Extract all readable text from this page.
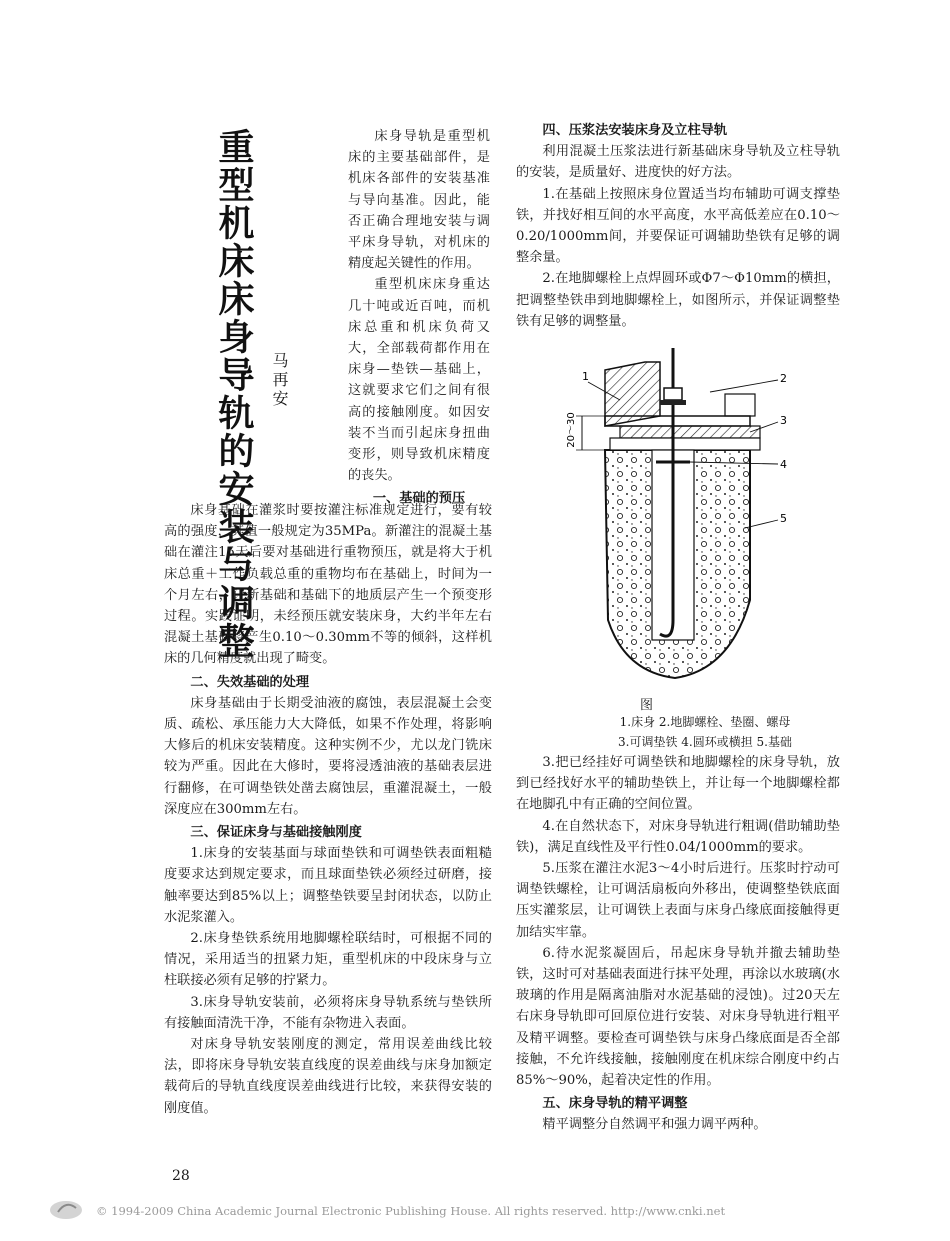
重型机床床身导轨的安装与调整 马再安

床身导轨是重型机床的主要基础部件，是机床各部件的安装基准与导向基准。因此，能否正确合理地安装与调平床身导轨，对机床的精度起关键性的作用。

重型机床床身重达几十吨或近百吨，而机床总重和机床负荷又大，全部载荷都作用在床身—垫铁—基础上，这就要求它们之间有很高的接触刚度。如因安装不当而引起床身扭曲变形，则导致机床精度的丧失。

一、基础的预压

床身基础在灌浆时要按灌注标准规定进行，要有较高的强度，其值一般规定为35MPa。新灌注的混凝土基础在灌注15天后要对基础进行重物预压，就是将大于机床总重＋工作负载总重的重物均布在基础上，时间为一个月左右，让新基础和基础下的地质层产生一个预变形过程。实践证明，未经预压就安装床身，大约半年左右混凝土基础将产生0.10～0.30mm不等的倾斜，这样机床的几何精度就出现了畸变。

二、失效基础的处理

床身基础由于长期受油液的腐蚀，表层混凝土会变质、疏松、承压能力大大降低，如果不作处理，将影响大修后的机床安装精度。这种实例不少，尤以龙门铣床较为严重。因此在大修时，要将浸透油液的基础表层进行翻修，在可调垫铁处凿去腐蚀层，重灌混凝土，一般深度应在300mm左右。

三、保证床身与基础接触刚度

1.床身的安装基面与球面垫铁和可调垫铁表面粗糙度要求达到规定要求，而且球面垫铁必须经过研磨，接触率要达到85%以上；调整垫铁要呈封闭状态，以防止水泥浆灌入。

2.床身垫铁系统用地脚螺栓联结时，可根据不同的情况，采用适当的扭紧力矩，重型机床的中段床身与立柱联接必须有足够的拧紧力。

3.床身导轨安装前，必须将床身导轨系统与垫铁所有接触面清洗干净，不能有杂物进入表面。

对床身导轨安装刚度的测定，常用误差曲线比较法，即将床身导轨安装直线度的误差曲线与床身加额定载荷后的导轨直线度误差曲线进行比较，来获得安装的刚度值。

四、压浆法安装床身及立柱导轨

利用混凝土压浆法进行新基础床身导轨及立柱导轨的安装，是质量好、进度快的好方法。

1.在基础上按照床身位置适当均布辅助可调支撑垫铁，并找好相互间的水平高度，水平高低差应在0.10～0.20/1000mm间，并要保证可调辅助垫铁有足够的调整余量。

2.在地脚螺栓上点焊圆环或Φ7～Φ10mm的横担，把调整垫铁串到地脚螺栓上，如图所示，并保证调整垫铁有足够的调整量。

20～30
1	2
3
4
5
图
1.床身 2.地脚螺栓、垫圈、螺母
3.可调垫铁 4.圆环或横担 5.基础

3.把已经挂好可调垫铁和地脚螺栓的床身导轨，放到已经找好水平的辅助垫铁上，并让每一个地脚螺栓都在地脚孔中有正确的空间位置。

4.在自然状态下，对床身导轨进行粗调(借助辅助垫铁)，满足直线性及平行性0.04/1000mm的要求。

5.压浆在灌注水泥3～4小时后进行。压浆时拧动可调垫铁螺栓，让可调活扇板向外移出，使调整垫铁底面压实灌浆层，让可调铁上表面与床身凸缘底面接触得更加结实牢靠。

6.待水泥浆凝固后，吊起床身导轨并撤去辅助垫铁，这时可对基础表面进行抹平处理，再涂以水玻璃(水玻璃的作用是隔离油脂对水泥基础的浸蚀)。过20天左右床身导轨即可回原位进行安装、对床身导轨进行粗平及精平调整。要检查可调垫铁与床身凸缘底面是否全部接触，不允许线接触，接触刚度在机床综合刚度中约占85%～90%，起着决定性的作用。

五、床身导轨的精平调整

精平调整分自然调平和强力调平两种。

28
© 1994-2009 China Academic Journal Electronic Publishing House. All rights reserved. http://www.cnki.net
